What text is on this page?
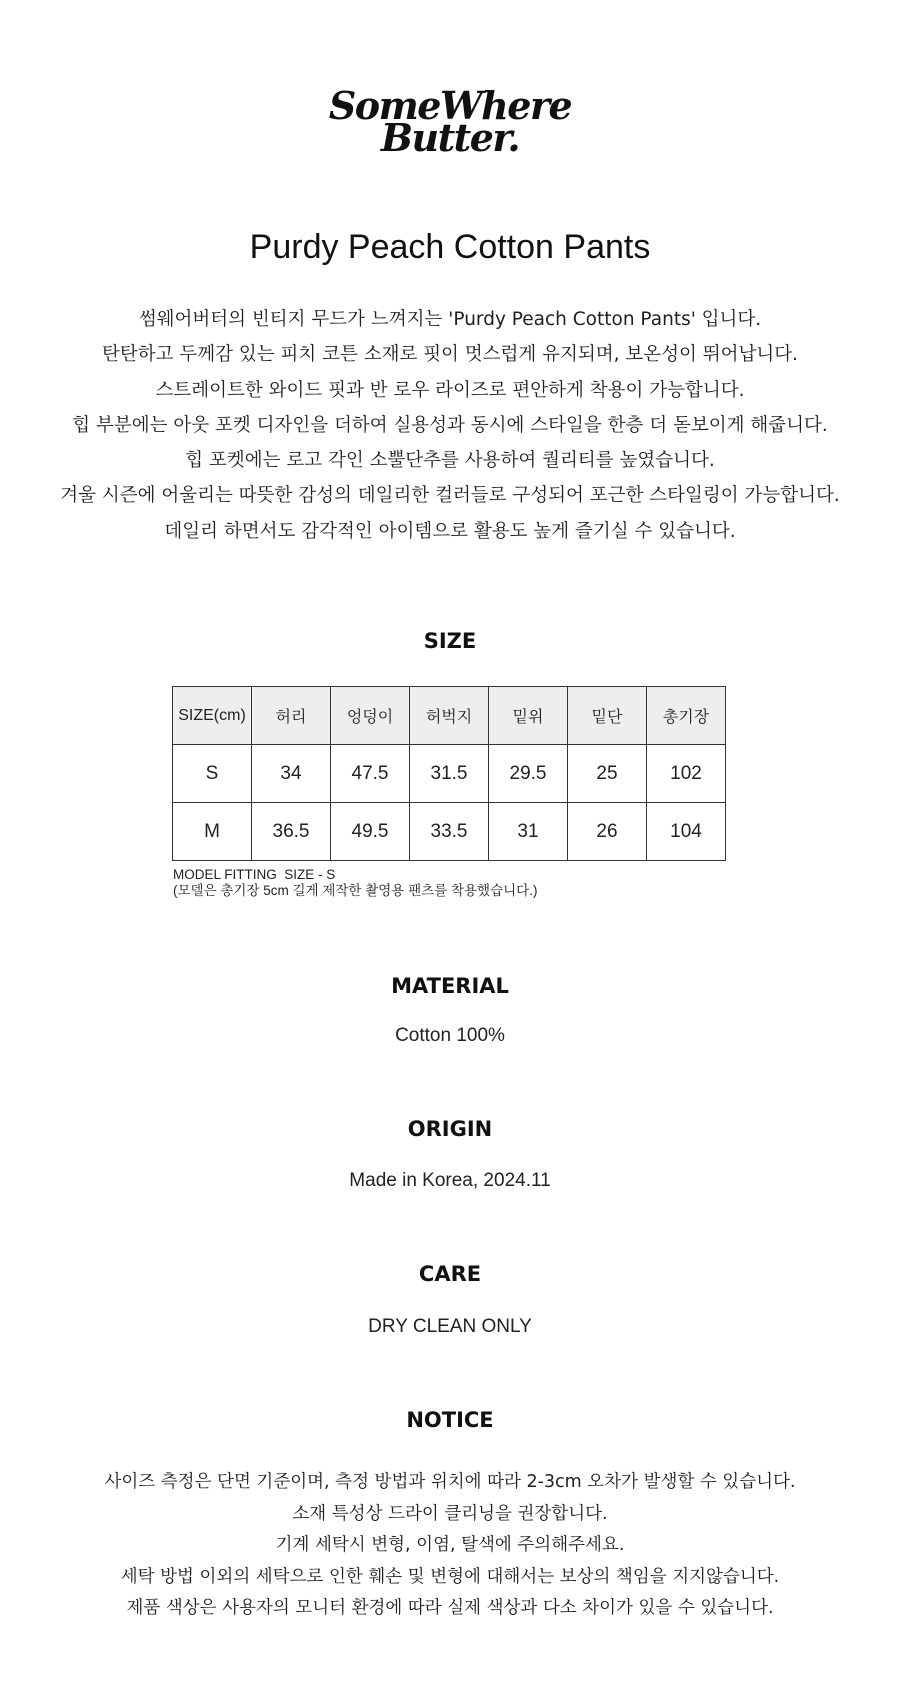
SomeWhere
Butter.
Purdy Peach Cotton Pants
썸웨어버터의 빈티지 무드가 느껴지는 'Purdy Peach Cotton Pants' 입니다.
탄탄하고 두께감 있는 피치 코튼 소재로 핏이 멋스럽게 유지되며, 보온성이 뛰어납니다.
스트레이트한 와이드 핏과 반 로우 라이즈로 편안하게 착용이 가능합니다.
힙 부분에는 아웃 포켓 디자인을 더하여 실용성과 동시에 스타일을 한층 더 돋보이게 해줍니다.
힙 포켓에는 로고 각인 소뿔단추를 사용하여 퀄리티를 높였습니다.
겨울 시즌에 어울리는 따뜻한 감성의 데일리한 컬러들로 구성되어 포근한 스타일링이 가능합니다.
데일리 하면서도 감각적인 아이템으로 활용도 높게 즐기실 수 있습니다.
SIZE
SIZE(cm)	허리	엉덩이	허벅지	밑위	밑단	총기장
S	34	47.5	31.5	29.5	25	102
M	36.5	49.5	33.5	31	26	104
MODEL FITTING  SIZE - S
(모델은 총기장 5cm 길게 제작한 촬영용 팬츠를 착용했습니다.)
MATERIAL
Cotton 100%
ORIGIN
Made in Korea, 2024.11
CARE
DRY CLEAN ONLY
NOTICE
사이즈 측정은 단면 기준이며, 측정 방법과 위치에 따라 2-3cm 오차가 발생할 수 있습니다.
소재 특성상 드라이 클리닝을 권장합니다.
기계 세탁시 변형, 이염, 탈색에 주의해주세요.
세탁 방법 이외의 세탁으로 인한 훼손 및 변형에 대해서는 보상의 책임을 지지않습니다.
제품 색상은 사용자의 모니터 환경에 따라 실제 색상과 다소 차이가 있을 수 있습니다.
